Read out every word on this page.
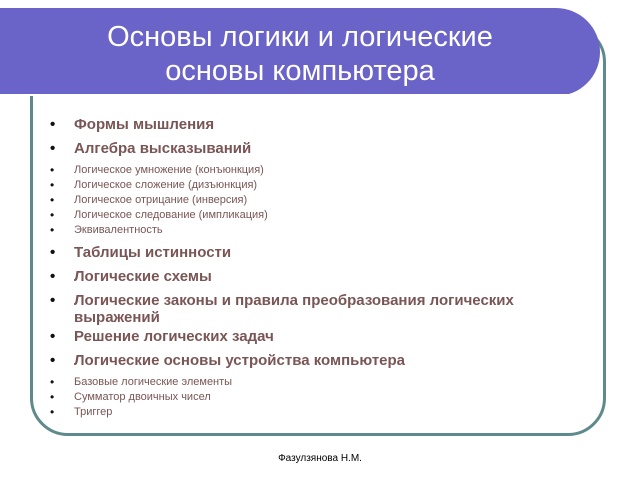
Основы логики и логические
основы компьютера
• Формы мышления
• Алгебра высказываний
• Логическое умножение (конъюнкция)
• Логическое сложение (дизъюнкция)
• Логическое отрицание (инверсия)
• Логическое следование (импликация)
• Эквивалентность
• Таблицы истинности
• Логические схемы
• Логические законы и правила преобразования логических выражений
• Решение логических задач
• Логические основы устройства компьютера
• Базовые логические элементы
• Сумматор двоичных чисел
• Триггер
Фазулзянова Н.М.
